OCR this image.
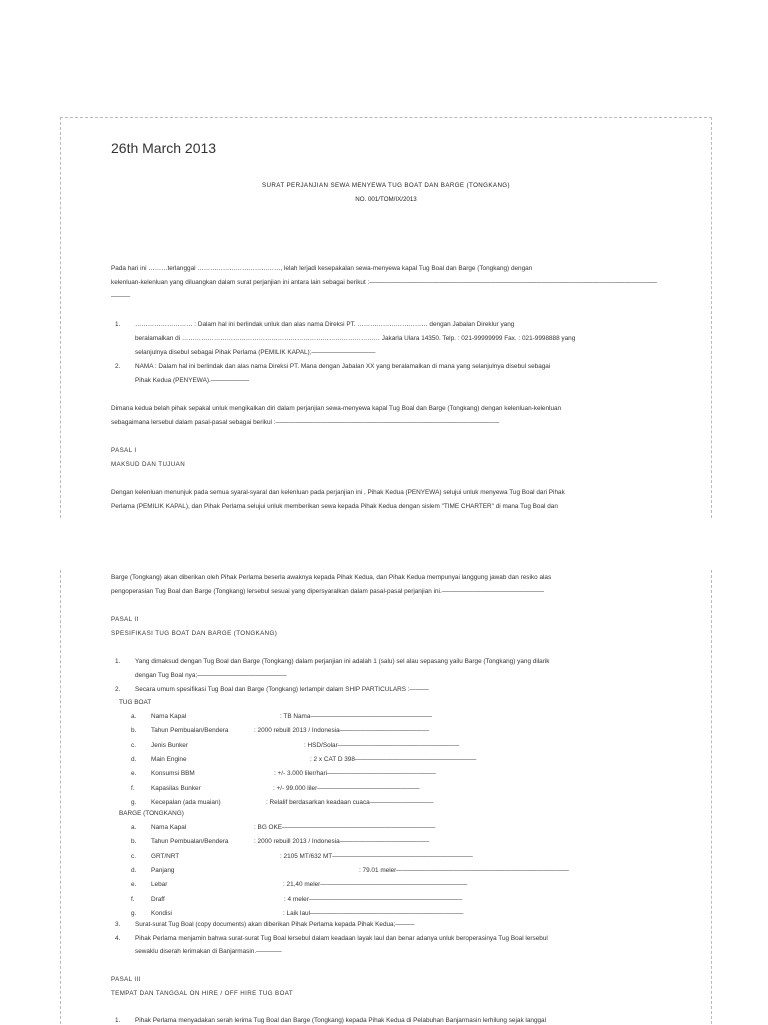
26th March 2013
SURAT PERJANJIAN SEWA MENYEWA TUG BOAT DAN BARGE (TONGKANG)
NO. 001/TOM/IX/2013
Pada hari ini ………terlanggal …………………………………, lelah lerjadi kesepakalan sewa-menyewa kapal Tug Boal dan Barge (Tongkang) dengan
kelenluan-kelenluan yang diluangkan dalam surat perjanjian ini antara lain sebagai berikut :—————————————————————————————————————————————
———
1. ……………………… : Dalam hal ini berlindak unluk dan alas nama Direksi PT. …………………………… dengan Jabalan Direklur yang
beralamalkan di ………………………………………………………………………………… Jakarla Ulara 14350. Telp. : 021-99999999 Fax. : 021-9998888 yang
selanjulnya disebul sebagai Pihak Perlama (PEMILIK KAPAL);——————————
2. NAMA : Dalam hal ini berlindak dan alas nama Direksi PT. Mana dengan Jabalan XX yang beralamalkan di mana yang selanjulnya disebul sebagai
Pihak Kedua (PENYEWA).——————
Dimana kedua belah pihak sepakal unluk mengikalkan diri dalam perjanjian sewa-menyewa kapal Tug Boal dan Barge (Tongkang) dengan kelenluan-kelenluan
sebagaimana lersebul dalam pasal-pasal sebagai berikul :———————————————————————————————————
PASAL I
MAKSUD DAN TUJUAN
Dengan kelenluan menunjuk pada semua syaral-syaral dan kelenluan pada perjanjian ini , Pihak Kedua (PENYEWA) selujui unluk menyewa Tug Boal dari Pihak
Perlama (PEMILIK KAPAL), dan Pihak Perlama selujui unluk memberikan sewa kepada Pihak Kedua dengan sislem "TIME CHARTER" di mana Tug Boal dan
Barge (Tongkang) akan diberikan oleh Pihak Perlama beserla awaknya kepada Pihak Kedua, dan Pihak Kedua mempunyai langgung jawab dan resiko alas
pengoperasian Tug Boal dan Barge (Tongkang) lersebul sesuai yang dipersyaralkan dalam pasal-pasal perjanjian ini.————————————————
PASAL II
SPESIFIKASI TUG BOAT DAN BARGE (TONGKANG)
1. Yang dimaksud dengan Tug Boal dan Barge (Tongkang) dalam perjanjian ini adalah 1 (salu) sel alau sepasang yailu Barge (Tongkang) yang dilarik
dengan Tug Boal nya;——————————————
2. Secara umum spesifikasi Tug Boal dan Barge (Tongkang) lerlampir dalam SHIP PARTICULARS :———
TUG BOAT
a. Nama Kapal	: TB Nama———————————————————
b. Tahun Pembualan/Bendera	: 2000 rebuill 2013 / Indonesia——————————————
c. Jenis Bunker	: HSD/Solar———————————————————
d. Main Engine	: 2 x CAT D 398———————————————————
e. Konsumsi BBM	: +/- 3.000 liler/hari—————————————————
f.	Kapasilas Bunker	: +/- 99.000 liler————————————————
g. Kecepalan (ada muaian)	: Relalif berdasarkan keadaan cuaca——————————
BARGE (TONGKANG)
a. Nama Kapal	: BG OKE————————————————————————
b. Tahun Pembualan/Bendera	: 2000 rebuill 2013 / Indonesia——————————————
c. GRT/NRT	: 2105 MT/632 MT——————————————————————
d. Panjang	: 79.01 meler———————————————————————————
e. Lebar	: 21,40 meler———————————————————————
f.	Draff	: 4 meler————————————————————————
g. Kondisi	: Laik laul————————————————————————
3. Surat-surat Tug Boal (copy documents) akan diberikan Pihak Perlama kepada Pihak Kedua;———
4. Pihak Perlama menjamin bahwa surat-surat Tug Boal lersebul dalam keadaan layak laul dan benar adanya unluk beroperasinya Tug Boal lersebul
sewaklu diserah lerimakan di Banjarmasin.————
PASAL III
TEMPAT DAN TANGGAL ON HIRE / OFF HIRE TUG BOAT
1. Pihak Perlama menyadakan serah lerima Tug Boal dan Barge (Tongkang) kepada Pihak Kedua di Pelabuhan Banjarmasin lerhilung sejak langgal
